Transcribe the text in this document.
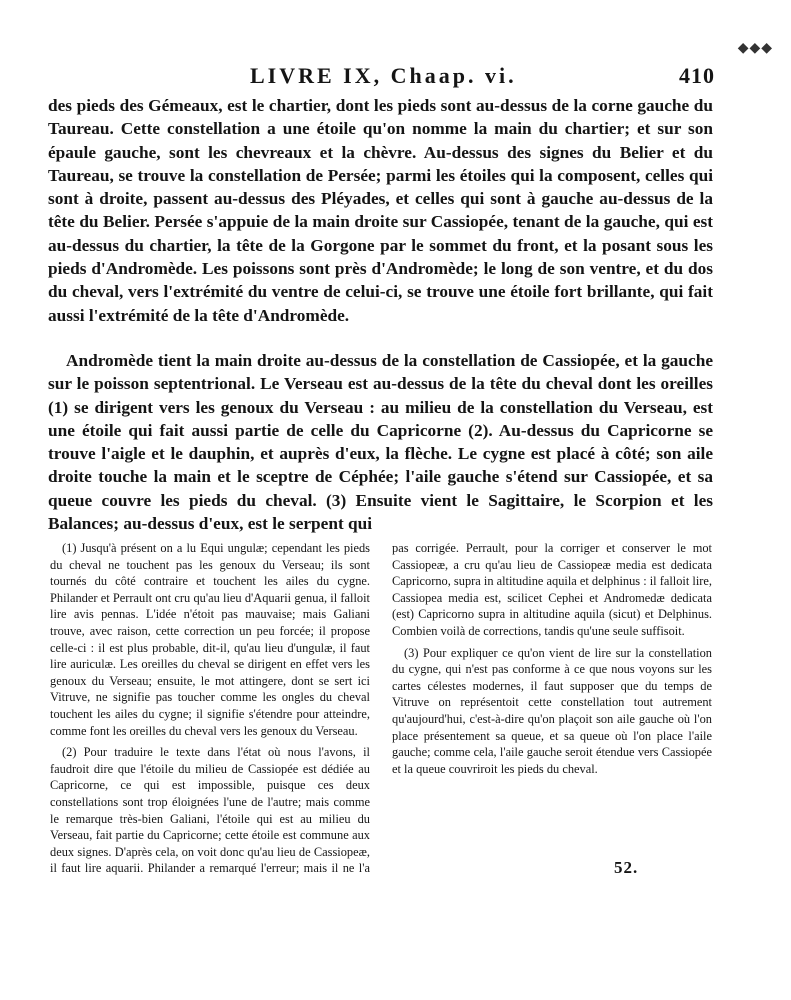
◆◆◆
LIVRE IX, Chaap. vi.	410

des pieds des Gémeaux, est le chartier, dont les pieds sont au-dessus de la corne gauche du Taureau. Cette constellation a une étoile qu'on nomme la main du chartier; et sur son épaule gauche, sont les chevreaux et la chèvre. Au-dessus des signes du Belier et du Taureau, se trouve la constellation de Persée; parmi les étoiles qui la composent, celles qui sont à droite, passent au-dessus des Pléyades, et celles qui sont à gauche au-dessus de la tête du Belier. Persée s'appuie de la main droite sur Cassiopée, tenant de la gauche, qui est au-dessus du chartier, la tête de la Gorgone par le sommet du front, et la posant sous les pieds d'Andromède. Les poissons sont près d'Andromède; le long de son ventre, et du dos du cheval, vers l'extrémité du ventre de celui-ci, se trouve une étoile fort brillante, qui fait aussi l'extrémité de la tête d'Andromède.

Andromède tient la main droite au-dessus de la constellation de Cassiopée, et la gauche sur le poisson septentrional. Le Verseau est au-dessus de la tête du cheval dont les oreilles (1) se dirigent vers les genoux du Verseau : au milieu de la constellation du Verseau, est une étoile qui fait aussi partie de celle du Capricorne (2). Au-dessus du Capricorne se trouve l'aigle et le dauphin, et auprès d'eux, la flèche. Le cygne est placé à côté; son aile droite touche la main et le sceptre de Céphée; l'aile gauche s'étend sur Cassiopée, et sa queue couvre les pieds du cheval. (3) Ensuite vient le Sagittaire, le Scorpion et les Balances; au-dessus d'eux, est le serpent qui

(1) Jusqu'à présent on a lu Equi ungulæ; cependant les pieds du cheval ne touchent pas les genoux du Verseau; ils sont tournés du côté contraire et touchent les ailes du cygne. Philander et Perrault ont cru qu'au lieu d'Aquarii genua, il falloit lire avis pennas. L'idée n'étoit pas mauvaise; mais Galiani trouve, avec raison, cette correction un peu forcée; il propose celle-ci : il est plus probable, dit-il, qu'au lieu d'ungulæ, il faut lire auriculæ. Les oreilles du cheval se dirigent en effet vers les genoux du Verseau; ensuite, le mot attingere, dont se sert ici Vitruve, ne signifie pas toucher comme les ongles du cheval touchent les ailes du cygne; il signifie s'étendre pour atteindre, comme font les oreilles du cheval vers les genoux du Verseau.

(2) Pour traduire le texte dans l'état où nous l'avons, il faudroit dire que l'étoile du milieu de Cassiopée est dédiée au Capricorne, ce qui est impossible, puisque ces deux constellations sont trop éloignées l'une de l'autre; mais comme le remarque très-bien Galiani, l'étoile qui est au milieu du Verseau, fait partie du Capricorne; cette étoile est commune aux deux signes. D'après cela, on voit donc qu'au lieu de Cassiopeæ, il faut lire aquarii. Philander a remarqué l'erreur; mais il ne l'a pas corrigée. Perrault, pour la corriger et conserver le mot Cassiopeæ, a cru qu'au lieu de Cassiopeæ media est dedicata Capricorno, supra in altitudine aquila et delphinus : il falloit lire, Cassiopea media est, scilicet Cephei et Andromedæ dedicata (est) Capricorno supra in altitudine aquila (sicut) et Delphinus. Combien voilà de corrections, tandis qu'une seule suffisoit.

(3) Pour expliquer ce qu'on vient de lire sur la constellation du cygne, qui n'est pas conforme à ce que nous voyons sur les cartes célestes modernes, il faut supposer que du temps de Vitruve on représentoit cette constellation tout autrement qu'aujourd'hui, c'est-à-dire qu'on plaçoit son aile gauche où l'on place présentement sa queue, et sa queue où l'on place l'aile gauche; comme cela, l'aile gauche seroit étendue vers Cassiopée et la queue couvriroit les pieds du cheval.

52.
